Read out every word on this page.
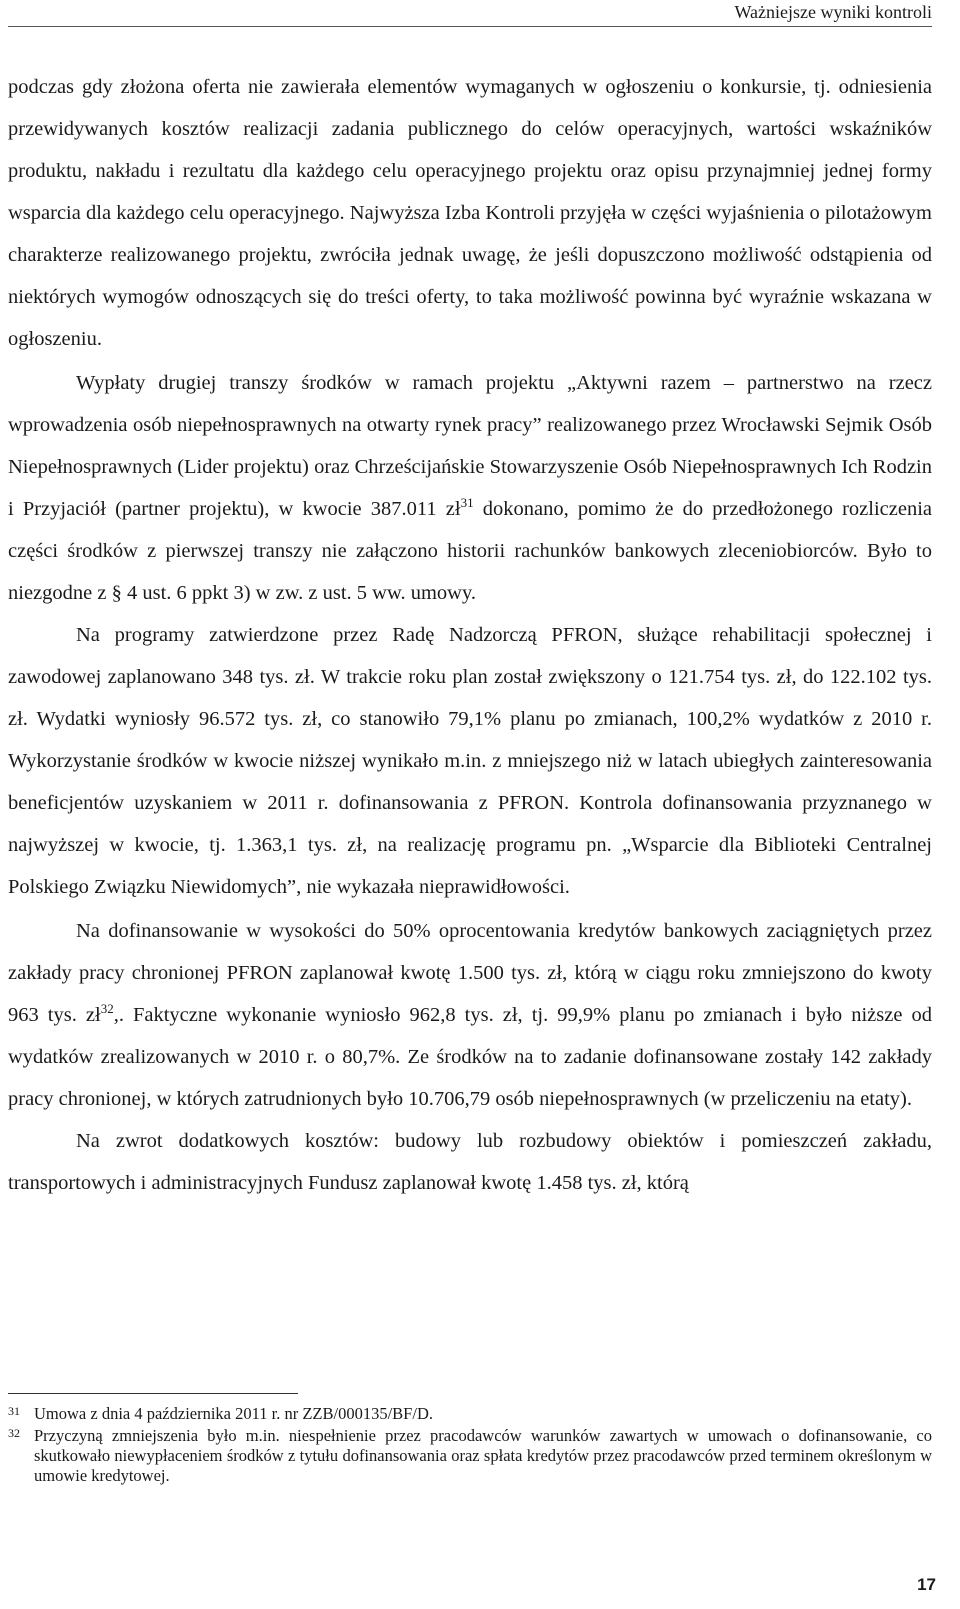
Ważniejsze wyniki kontroli

podczas gdy złożona oferta nie zawierała elementów wymaganych w ogłoszeniu o konkursie, tj. odniesienia przewidywanych kosztów realizacji zadania publicznego do celów operacyjnych, wartości wskaźników produktu, nakładu i rezultatu dla każdego celu operacyjnego projektu oraz opisu przynajmniej jednej formy wsparcia dla każdego celu operacyjnego. Najwyższa Izba Kontroli przyjęła w części wyjaśnienia o pilotażowym charakterze realizowanego projektu, zwróciła jednak uwagę, że jeśli dopuszczono możliwość odstąpienia od niektórych wymogów odnoszących się do treści oferty, to taka możliwość powinna być wyraźnie wskazana w ogłoszeniu.

Wypłaty drugiej transzy środków w ramach projektu „Aktywni razem – partnerstwo na rzecz wprowadzenia osób niepełnosprawnych na otwarty rynek pracy” realizowanego przez Wrocławski Sejmik Osób Niepełnosprawnych (Lider projektu) oraz Chrześcijańskie Stowarzyszenie Osób Niepełnosprawnych Ich Rodzin i Przyjaciół (partner projektu), w kwocie 387.011 $zł^{31}$ dokonano, pomimo że do przedłożonego rozliczenia części środków z pierwszej transzy nie załączono historii rachunków bankowych zleceniobiorców. Było to niezgodne z § 4 ust. 6 ppkt 3) w zw. z ust. 5 ww. umowy.

Na programy zatwierdzone przez Radę Nadzorczą PFRON, służące rehabilitacji społecznej i zawodowej zaplanowano 348 tys. zł. W trakcie roku plan został zwiększony o 121.754 tys. zł, do 122.102 tys. zł. Wydatki wyniosły 96.572 tys. zł, co stanowiło 79,1% planu po zmianach, 100,2% wydatków z 2010 r. Wykorzystanie środków w kwocie niższej wynikało m.in. z mniejszego niż w latach ubiegłych zainteresowania beneficjentów uzyskaniem w 2011 r. dofinansowania z PFRON. Kontrola dofinansowania przyznanego w najwyższej w kwocie, tj. 1.363,1 tys. zł, na realizację programu pn. „Wsparcie dla Biblioteki Centralnej Polskiego Związku Niewidomych”, nie wykazała nieprawidłowości.

Na dofinansowanie w wysokości do 50% oprocentowania kredytów bankowych zaciągniętych przez zakłady pracy chronionej PFRON zaplanował kwotę 1.500 tys. zł, którą w ciągu roku zmniejszono do kwoty 963 tys. $zł^{32}$,. Faktyczne wykonanie wyniosło 962,8 tys. zł, tj. 99,9% planu po zmianach i było niższe od wydatków zrealizowanych w 2010 r. o 80,7%. Ze środków na to zadanie dofinansowane zostały 142 zakłady pracy chronionej, w których zatrudnionych było 10.706,79 osób niepełnosprawnych (w przeliczeniu na etaty).

Na zwrot dodatkowych kosztów: budowy lub rozbudowy obiektów i pomieszczeń zakładu, transportowych i administracyjnych Fundusz zaplanował kwotę 1.458 tys. zł, którą

31 Umowa z dnia 4 października 2011 r. nr ZZB/000135/BF/D.
32 Przyczyną zmniejszenia było m.in. niespełnienie przez pracodawców warunków zawartych w umowach o dofinansowanie, co skutkowało niewypłaceniem środków z tytułu dofinansowania oraz spłata kredytów przez pracodawców przed terminem określonym w umowie kredytowej.
17
